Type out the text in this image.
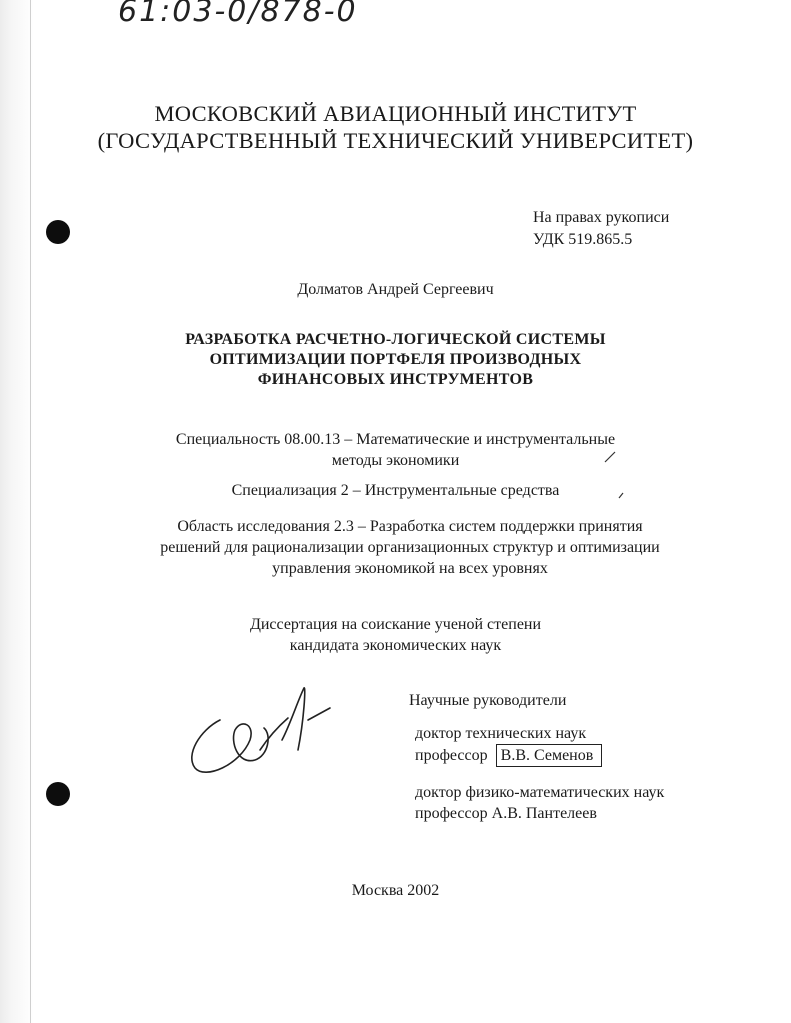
61:03-0/878-0
МОСКОВСКИЙ АВИАЦИОННЫЙ ИНСТИТУТ
(ГОСУДАРСТВЕННЫЙ ТЕХНИЧЕСКИЙ УНИВЕРСИТЕТ)
На правах рукописи
УДК 519.865.5
Долматов Андрей Сергеевич
РАЗРАБОТКА РАСЧЕТНО-ЛОГИЧЕСКОЙ СИСТЕМЫ
ОПТИМИЗАЦИИ ПОРТФЕЛЯ ПРОИЗВОДНЫХ
ФИНАНСОВЫХ ИНСТРУМЕНТОВ
Специальность 08.00.13 – Математические и инструментальные
методы экономики
Специализация 2 – Инструментальные средства
Область исследования 2.3 – Разработка систем поддержки принятия
решений для рационализации организационных структур и оптимизации
управления экономикой на всех уровнях
Диссертация на соискание ученой степени
кандидата экономических наук
Научные руководители
доктор технических наук
профессор В.В. Семенов
доктор физико-математических наук
профессор А.В. Пантелеев
Москва 2002
